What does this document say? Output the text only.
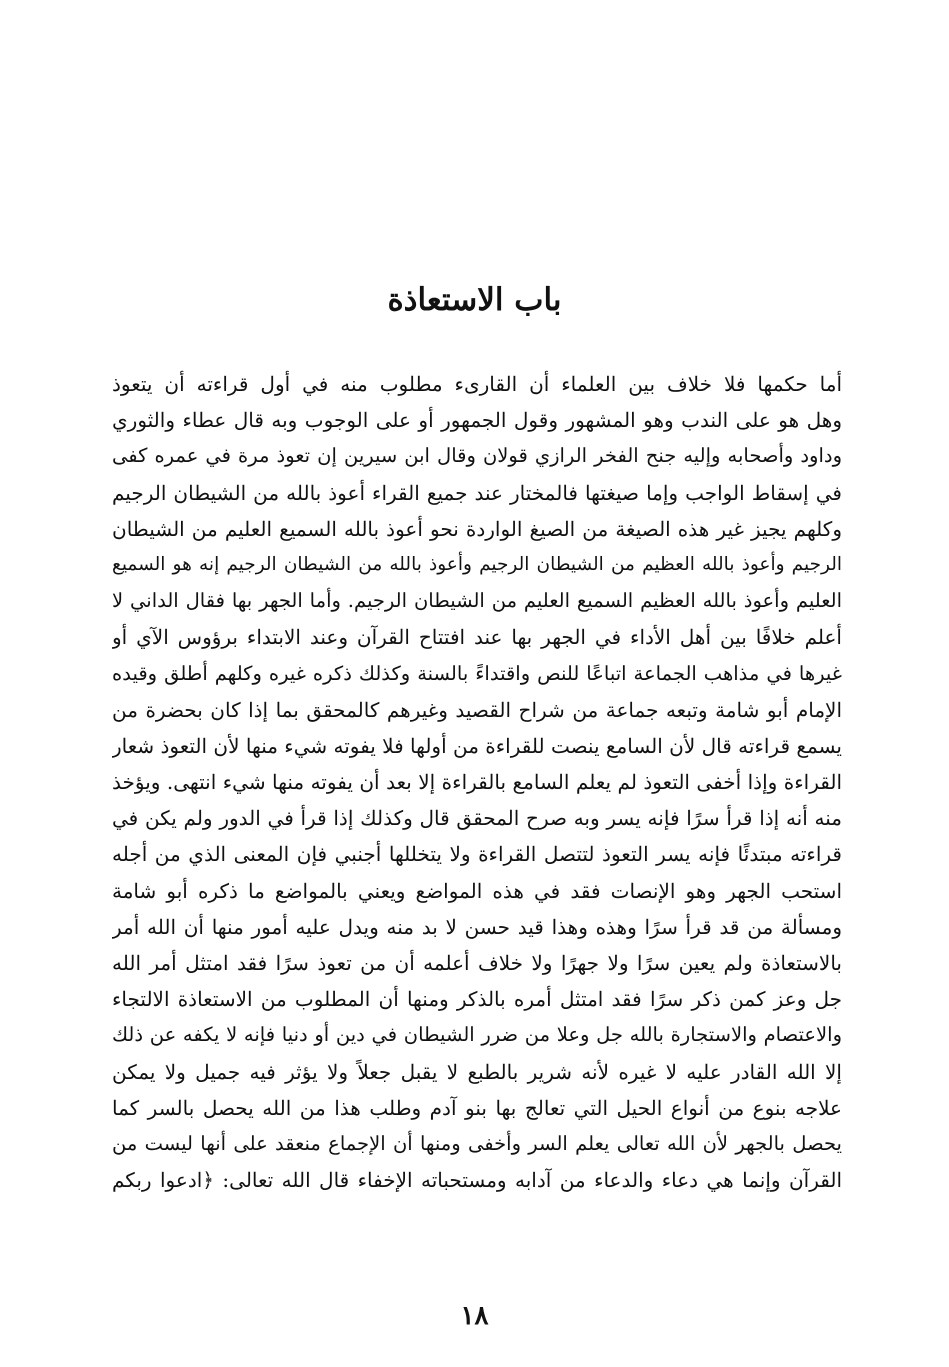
باب الاستعاذة
أما حكمها فلا خلاف بين العلماء أن القارىء مطلوب منه في أول قراءته أن يتعوذ
وهل هو على الندب وهو المشهور وقول الجمهور أو على الوجوب وبه قال عطاء والثوري
وداود وأصحابه وإليه جنح الفخر الرازي قولان وقال ابن سيرين إن تعوذ مرة في عمره كفى
في إسقاط الواجب وإما صيغتها فالمختار عند جميع القراء أعوذ بالله من الشيطان الرجيم
وكلهم يجيز غير هذه الصيغة من الصيغ الواردة نحو أعوذ بالله السميع العليم من الشيطان
الرجيم وأعوذ بالله العظيم من الشيطان الرجيم وأعوذ بالله من الشيطان الرجيم إنه هو السميع
العليم وأعوذ بالله العظيم السميع العليم من الشيطان الرجيم. وأما الجهر بها فقال الداني لا
أعلم خلافًا بين أهل الأداء في الجهر بها عند افتتاح القرآن وعند الابتداء برؤوس الآي أو
غيرها في مذاهب الجماعة اتباعًا للنص واقتداءً بالسنة وكذلك ذكره غيره وكلهم أطلق وقيده
الإمام أبو شامة وتبعه جماعة من شراح القصيد وغيرهم كالمحقق بما إذا كان بحضرة من
يسمع قراءته قال لأن السامع ينصت للقراءة من أولها فلا يفوته شيء منها لأن التعوذ شعار
القراءة وإذا أخفى التعوذ لم يعلم السامع بالقراءة إلا بعد أن يفوته منها شيء انتهى. ويؤخذ
منه أنه إذا قرأ سرًا فإنه يسر وبه صرح المحقق قال وكذلك إذا قرأ في الدور ولم يكن في
قراءته مبتدئًا فإنه يسر التعوذ لتتصل القراءة ولا يتخللها أجنبي فإن المعنى الذي من أجله
استحب الجهر وهو الإنصات فقد في هذه المواضع ويعني بالمواضع ما ذكره أبو شامة
ومسألة من قد قرأ سرًا وهذه وهذا قيد حسن لا بد منه ويدل عليه أمور منها أن الله أمر
بالاستعاذة ولم يعين سرًا ولا جهرًا ولا خلاف أعلمه أن من تعوذ سرًا فقد امتثل أمر الله
جل وعز كمن ذكر سرًا فقد امتثل أمره بالذكر ومنها أن المطلوب من الاستعاذة الالتجاء
والاعتصام والاستجارة بالله جل وعلا من ضرر الشيطان في دين أو دنيا فإنه لا يكفه عن ذلك
إلا الله القادر عليه لا غيره لأنه شرير بالطبع لا يقبل جعلاً ولا يؤثر فيه جميل ولا يمكن
علاجه بنوع من أنواع الحيل التي تعالج بها بنو آدم وطلب هذا من الله يحصل بالسر كما
يحصل بالجهر لأن الله تعالى يعلم السر وأخفى ومنها أن الإجماع منعقد على أنها ليست من
القرآن وإنما هي دعاء والدعاء من آدابه ومستحباته الإخفاء قال الله تعالى: ﴿ادعوا ربكم
١٨
